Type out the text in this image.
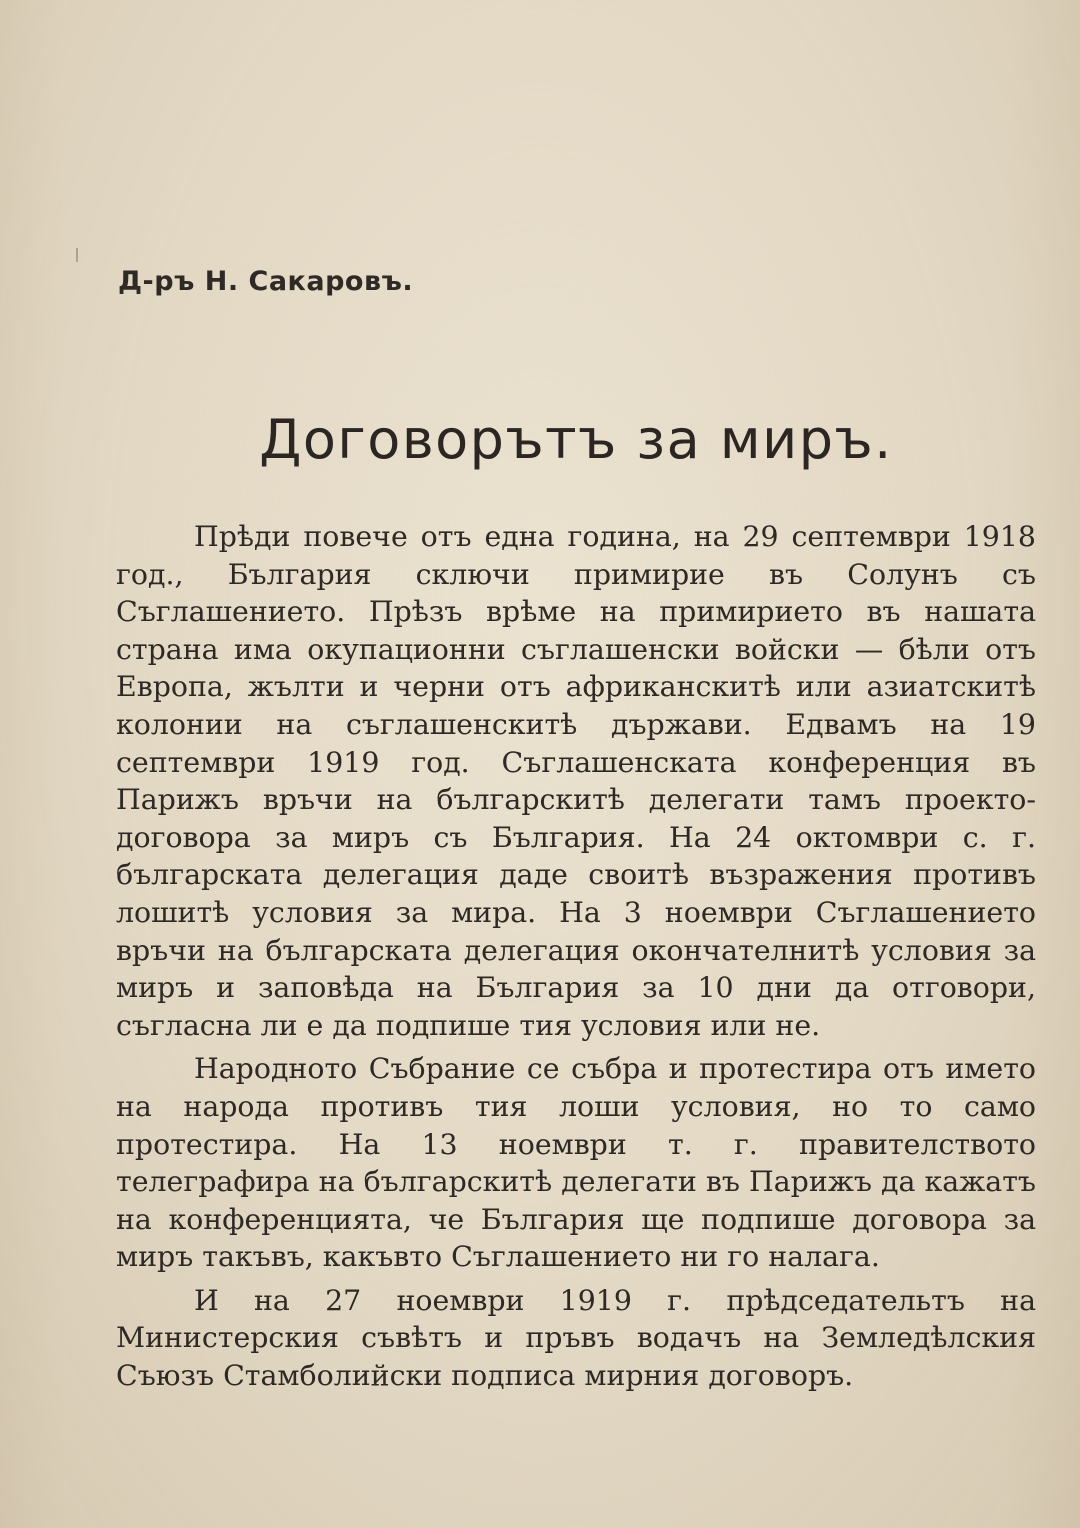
Д-ръ Н. Сакаровъ.
Договорътъ за миръ.

Прѣди повече отъ една година, на 29 септември 1918 год., България сключи примирие въ Солунъ съ Съглашението. Прѣзъ врѣме на примирието въ нашата страна има окупационни съглашенски войски — бѣли отъ Европа, жълти и черни отъ африканскитѣ или азиатскитѣ колонии на съглашенскитѣ държави. Едвамъ на 19 септември 1919 год. Съглашенската конференция въ Парижъ връчи на българскитѣ делегати тамъ проекто-договора за миръ съ България. На 24 октомври с. г. българската делегация даде своитѣ възражения противъ лошитѣ условия за мира. На 3 ноември Съглашението връчи на българската делегация окончателнитѣ условия за миръ и заповѣда на България за 10 дни да отговори, съгласна ли е да подпише тия условия или не.

Народното Събрание се събра и протестира отъ името на народа противъ тия лоши условия, но то само протестира. На 13 ноември т. г. правителството телеграфира на българскитѣ делегати въ Парижъ да кажатъ на конференцията, че България ще подпише договора за миръ такъвъ, какъвто Съглашението ни го налага.

И на 27 ноември 1919 г. прѣдседательтъ на Министерския съвѣтъ и пръвъ водачъ на Земледѣлския Съюзъ Стамболийски подписа мирния договоръ.
